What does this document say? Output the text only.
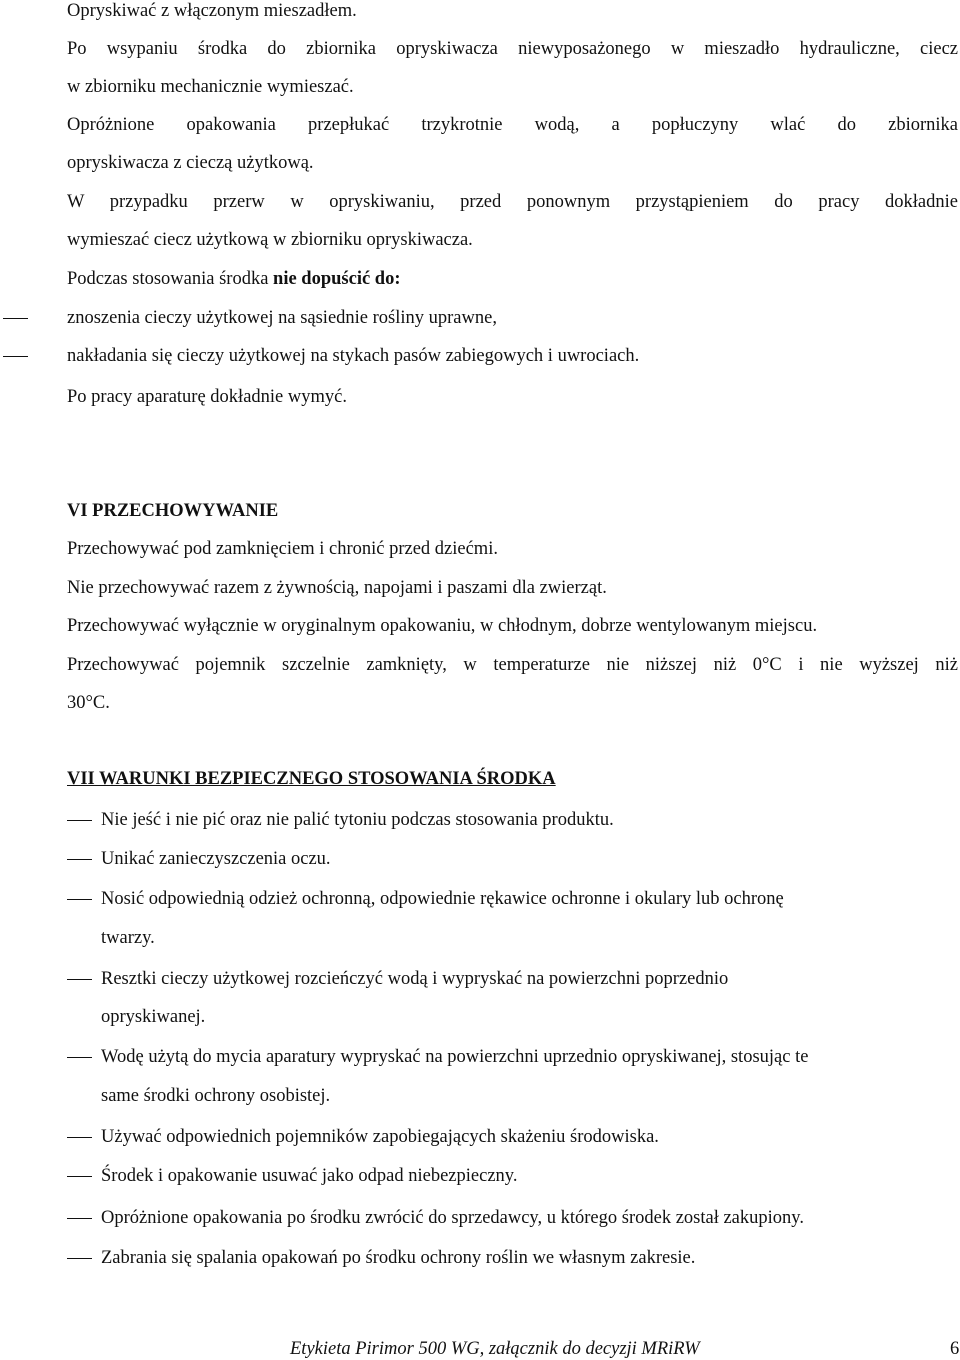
Opryskiwać z włączonym mieszadłem.
Po wsypaniu środka do zbiornika opryskiwacza niewyposażonego w mieszadło hydrauliczne, ciecz
w zbiorniku mechanicznie wymieszać.
Opróżnione opakowania przepłukać trzykrotnie wodą, a popłuczyny wlać do zbiornika
opryskiwacza z cieczą użytkową.
W przypadku przerw w opryskiwaniu, przed ponownym przystąpieniem do pracy dokładnie
wymieszać ciecz użytkową w zbiorniku opryskiwacza.
Podczas stosowania środka nie dopuścić do:
znoszenia cieczy użytkowej na sąsiednie rośliny uprawne,
nakładania się cieczy użytkowej na stykach pasów zabiegowych i uwrociach.
Po pracy aparaturę dokładnie wymyć.
VI PRZECHOWYWANIE
Przechowywać pod zamknięciem i chronić przed dziećmi.
Nie przechowywać razem z żywnością, napojami i paszami dla zwierząt.
Przechowywać wyłącznie w oryginalnym opakowaniu, w chłodnym, dobrze wentylowanym miejscu.
Przechowywać pojemnik szczelnie zamknięty, w temperaturze nie niższej niż 0°C i nie wyższej niż
30°C.
VII WARUNKI BEZPIECZNEGO STOSOWANIA ŚRODKA
Nie jeść i nie pić oraz nie palić tytoniu podczas stosowania produktu.
Unikać zanieczyszczenia oczu.
Nosić odpowiednią odzież ochronną, odpowiednie rękawice ochronne i okulary lub ochronę
twarzy.
Resztki cieczy użytkowej rozcieńczyć wodą i wypryskać na powierzchni poprzednio
opryskiwanej.
Wodę użytą do mycia aparatury wypryskać na powierzchni uprzednio opryskiwanej, stosując te
same środki ochrony osobistej.
Używać odpowiednich pojemników zapobiegających skażeniu środowiska.
Środek i opakowanie usuwać jako odpad niebezpieczny.
Opróżnione opakowania po środku zwrócić do sprzedawcy, u którego środek został zakupiony.
Zabrania się spalania opakowań po środku ochrony roślin we własnym zakresie.
Etykieta Pirimor 500 WG, załącznik do decyzji MRiRW	6
